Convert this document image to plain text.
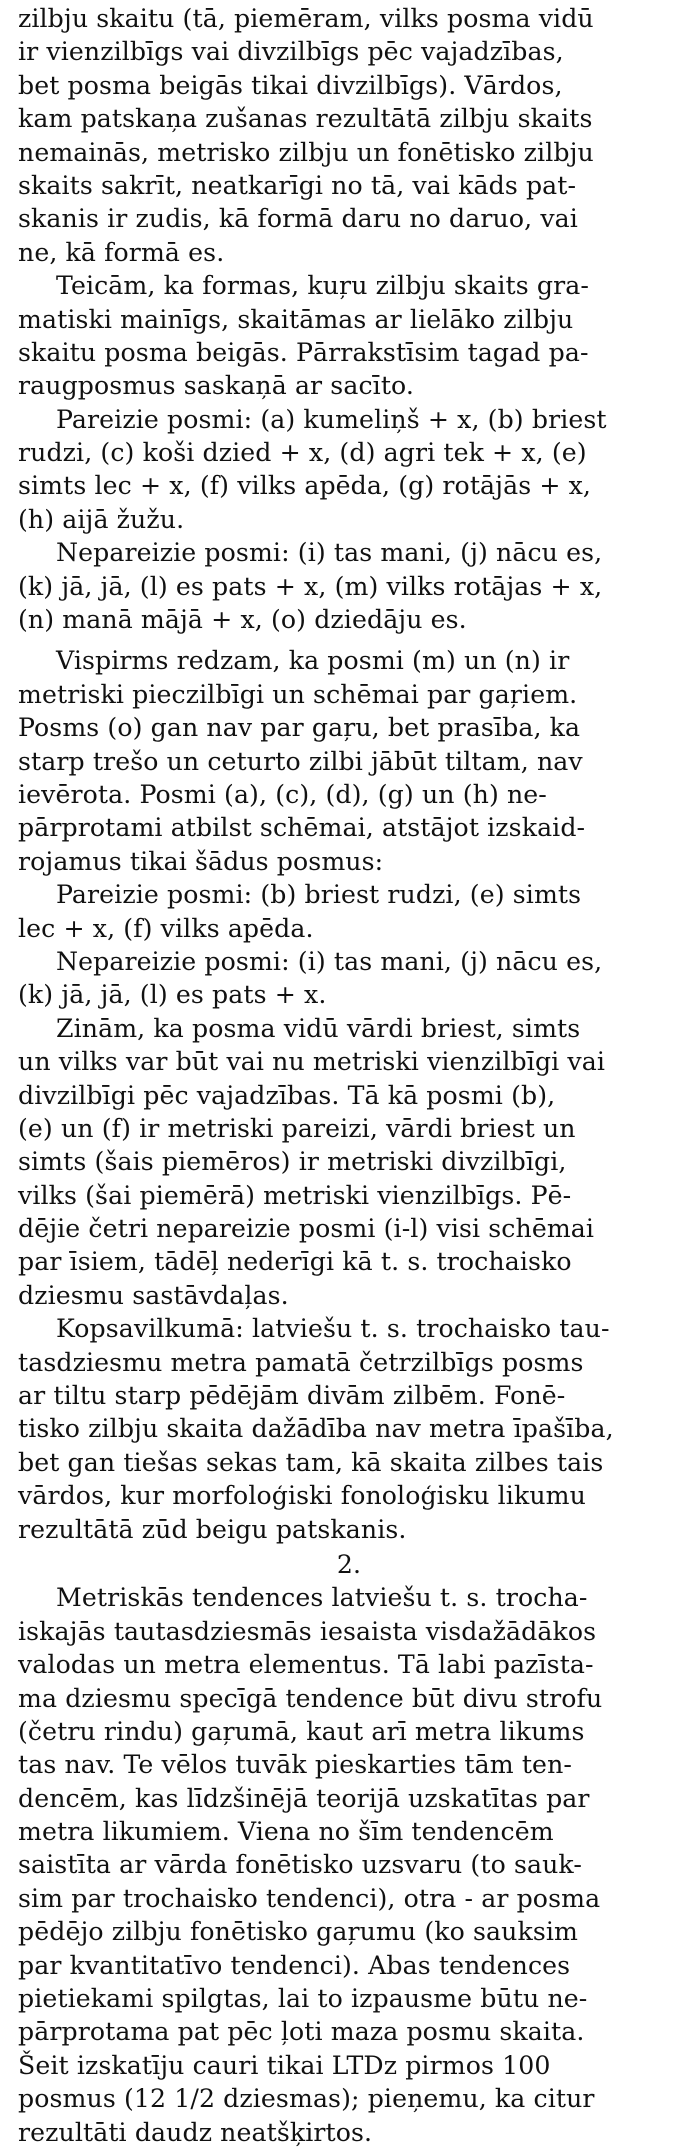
zilbju skaitu (tā, piemēram, vilks posma vidū
ir vienzilbīgs vai divzilbīgs pēc vajadzības,
bet posma beigās tikai divzilbīgs). Vārdos,
kam patskaņa zušanas rezultātā zilbju skaits
nemainās, metrisko zilbju un fonētisko zilbju
skaits sakrīt, neatkarīgi no tā, vai kāds pat-
skanis ir zudis, kā formā daru no daruo, vai
ne, kā formā es.
Teicām, ka formas, kuŗu zilbju skaits gra-
matiski mainīgs, skaitāmas ar lielāko zilbju
skaitu posma beigās. Pārrakstīsim tagad pa-
raugposmus saskaņā ar sacīto.
Pareizie posmi: (a) kumeliņš + x, (b) briest
rudzi, (c) koši dzied + x, (d) agri tek + x, (e)
simts lec + x, (f) vilks apēda, (g) rotājās + x,
(h) aijā žužu.
Nepareizie posmi: (i) tas mani, (j) nācu es,
(k) jā, jā, (l) es pats + x, (m) vilks rotājas + x,
(n) manā mājā + x, (o) dziedāju es.
Vispirms redzam, ka posmi (m) un (n) ir
metriski pieczilbīgi un schēmai par gaŗiem.
Posms (o) gan nav par gaŗu, bet prasība, ka
starp trešo un ceturto zilbi jābūt tiltam, nav
ievērota. Posmi (a), (c), (d), (g) un (h) ne-
pārprotami atbilst schēmai, atstājot izskaid-
rojamus tikai šādus posmus:
Pareizie posmi: (b) briest rudzi, (e) simts
lec + x, (f) vilks apēda.
Nepareizie posmi: (i) tas mani, (j) nācu es,
(k) jā, jā, (l) es pats + x.
Zinām, ka posma vidū vārdi briest, simts
un vilks var būt vai nu metriski vienzilbīgi vai
divzilbīgi pēc vajadzības. Tā kā posmi (b),
(e) un (f) ir metriski pareizi, vārdi briest un
simts (šais piemēros) ir metriski divzilbīgi,
vilks (šai piemērā) metriski vienzilbīgs. Pē-
dējie četri nepareizie posmi (i-l) visi schēmai
par īsiem, tādēļ nederīgi kā t. s. trochaisko
dziesmu sastāvdaļas.
Kopsavilkumā: latviešu t. s. trochaisko tau-
tasdziesmu metra pamatā četrzilbīgs posms
ar tiltu starp pēdējām divām zilbēm. Fonē-
tisko zilbju skaita dažādība nav metra īpašība,
bet gan tiešas sekas tam, kā skaita zilbes tais
vārdos, kur morfoloģiski fonoloģisku likumu
rezultātā zūd beigu patskanis.
2.
Metriskās tendences latviešu t. s. trocha-
iskajās tautasdziesmās iesaista visdažādākos
valodas un metra elementus. Tā labi pazīsta-
ma dziesmu specīgā tendence būt divu strofu
(četru rindu) gaŗumā, kaut arī metra likums
tas nav. Te vēlos tuvāk pieskarties tām ten-
dencēm, kas līdzšinējā teorijā uzskatītas par
metra likumiem. Viena no šīm tendencēm
saistīta ar vārda fonētisko uzsvaru (to sauk-
sim par trochaisko tendenci), otra - ar posma
pēdējo zilbju fonētisko gaŗumu (ko sauksim
par kvantitatīvo tendenci). Abas tendences
pietiekami spilgtas, lai to izpausme būtu ne-
pārprotama pat pēc ļoti maza posmu skaita.
Šeit izskatīju cauri tikai LTDz pirmos 100
posmus (12 1/2 dziesmas); pieņemu, ka citur
rezultāti daudz neatšķirtos.
